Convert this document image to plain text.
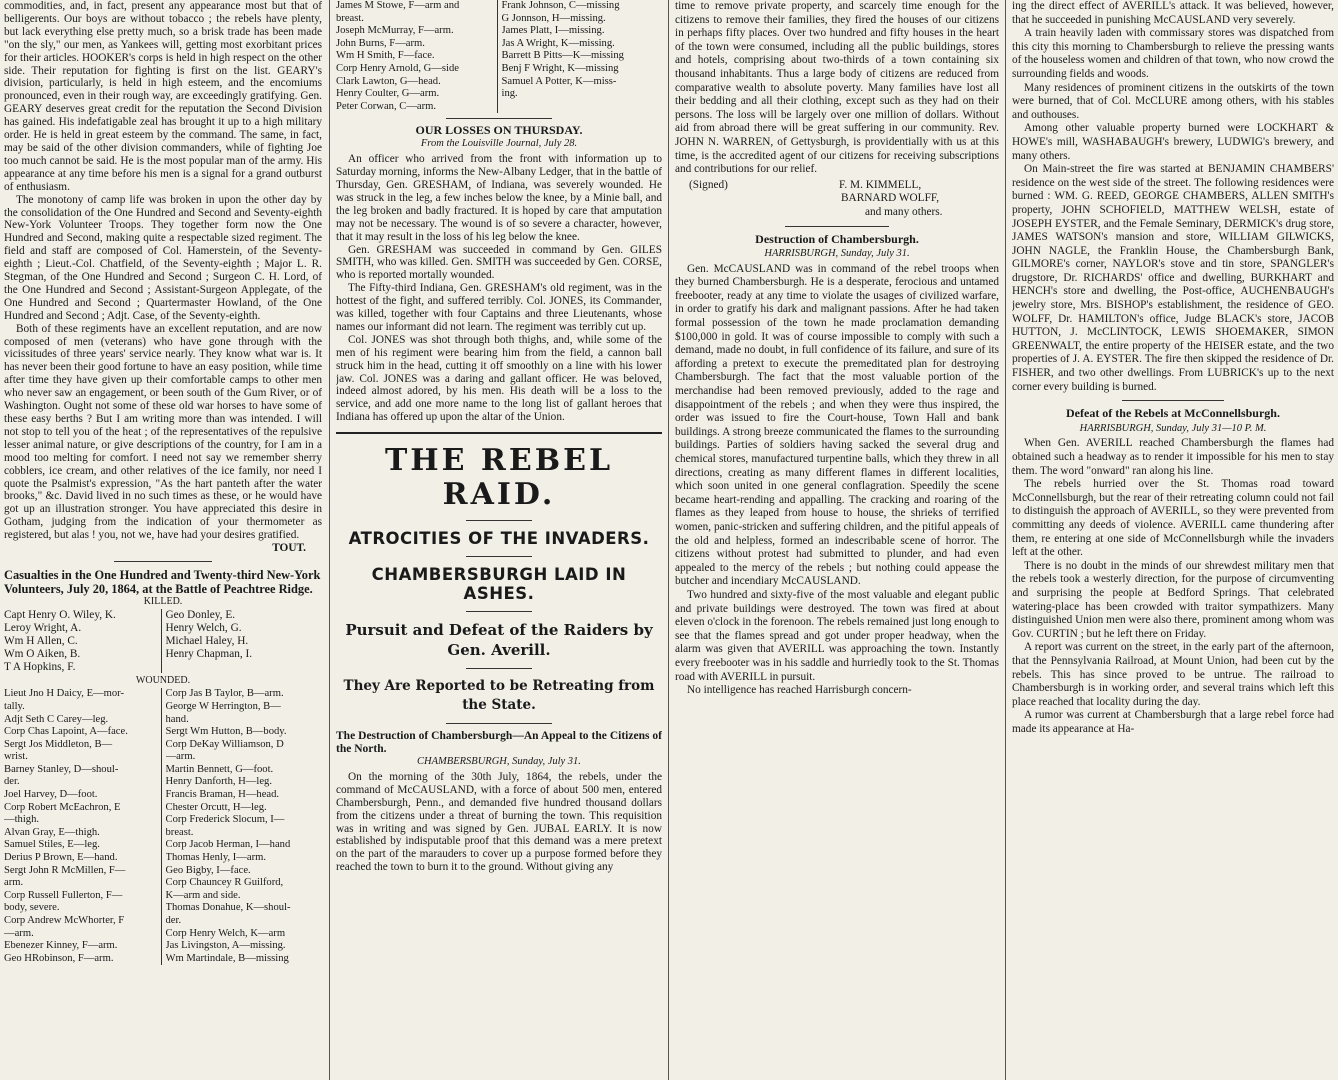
commodities, and, in fact, present any appearance most but that of belligerents. Our boys are without tobacco ; the rebels have plenty, but lack everything else pretty much, so a brisk trade has been made "on the sly," our men, as Yankees will, getting most exorbitant prices for their articles. HOOKER's corps is held in high respect on the other side. Their reputation for fighting is first on the list. GEARY's division, particularly, is held in high esteem, and the encomiums pronounced, even in their rough way, are exceedingly gratifying. Gen. GEARY deserves great credit for the reputation the Second Division has gained. His indefatigable zeal has brought it up to a high military order. He is held in great esteem by the command. The same, in fact, may be said of the other division commanders, while of fighting Joe too much cannot be said. He is the most popular man of the army. His appearance at any time before his men is a signal for a grand outburst of enthusiasm.

The monotony of camp life was broken in upon the other day by the consolidation of the One Hundred and Second and Seventy-eighth New-York Volunteer Troops. They together form now the One Hundred and Second, making quite a respectable sized regiment. The field and staff are composed of Col. Hamerstein, of the Seventy-eighth ; Lieut.-Col. Chatfield, of the Seventy-eighth ; Major L. R. Stegman, of the One Hundred and Second ; Surgeon C. H. Lord, of the One Hundred and Second ; Assistant-Surgeon Applegate, of the One Hundred and Second ; Quartermaster Howland, of the One Hundred and Second ; Adjt. Case, of the Seventy-eighth.

Both of these regiments have an excellent reputation, and are now composed of men (veterans) who have gone through with the vicissitudes of three years' service nearly. They know what war is. It has never been their good fortune to have an easy position, while time after time they have given up their comfortable camps to other men who never saw an engagement, or been south of the Gum River, or of Washington. Ought not some of these old war horses to have some of these easy berths ? But I am writing more than was intended. I will not stop to tell you of the heat ; of the representatives of the repulsive lesser animal nature, or give descriptions of the country, for I am in a mood too melting for comfort. I need not say we remember sherry cobblers, ice cream, and other relatives of the ice family, nor need I quote the Psalmist's expression, "As the hart panteth after the water brooks," &c. David lived in no such times as these, or he would have got up an illustration stronger. You have appreciated this desire in Gotham, judging from the indication of your thermometer as registered, but alas ! you, not we, have had your desires gratified.

TOUT.

Casualties in the One Hundred and Twenty-third New-York Volunteers, July 20, 1864, at the Battle of Peachtree Ridge.

KILLED.

Capt Henry O. Wiley, K.
Leroy Wright, A.
Wm H Allen, C.
Wm O Aiken, B.
T A Hopkins, F.
Geo Donley, E.
Henry Welch, G.
Michael Haley, H.
Henry Chapman, I.

WOUNDED.

Lieut Jno H Daicy, E—mor-
tally.
Adjt Seth C Carey—leg.
Corp Chas Lapoint, A—face.
Sergt Jos Middleton, B—
wrist.
Barney Stanley, D—shoul-
der.
Joel Harvey, D—foot.
Corp Robert McEachron, E
—thigh.
Alvan Gray, E—thigh.
Samuel Stiles, E—leg.
Derius P Brown, E—hand.
Sergt John R McMillen, F—
arm.
Corp Russell Fullerton, F—
body, severe.
Corp Andrew McWhorter, F
—arm.
Ebenezer Kinney, F—arm.
Geo HRobinson, F—arm.
Corp Jas B Taylor, B—arm.
George W Herrington, B—
hand.
Sergt Wm Hutton, B—body.
Corp DeKay Williamson, D
—arm.
Martin Bennett, G—foot.
Henry Danforth, H—leg.
Francis Braman, H—head.
Chester Orcutt, H—leg.
Corp Frederick Slocum, I—
breast.
Corp Jacob Herman, I—hand
Thomas Henly, I—arm.
Geo Bigby, I—face.
Corp Chauncey R Guilford,
K—arm and side.
Thomas Donahue, K—shoul-
der.
Corp Henry Welch, K—arm
Jas Livingston, A—missing.
Wm Martindale, B—missing
James M Stowe, F—arm and
breast.
Joseph McMurray, F—arm.
John Burns, F—arm.
Wm H Smith, F—face.
Corp Henry Arnold, G—side
Clark Lawton, G—head.
Henry Coulter, G—arm.
Peter Corwan, C—arm.
Frank Johnson, C—missing
G Jonnson, H—missing.
James Platt, I—missing.
Jas A Wright, K—missing.
Barrett B Pitts—K—missing
Benj F Wright, K—missing
Samuel A Potter, K—miss-
ing.

OUR LOSSES ON THURSDAY.

From the Louisville Journal, July 28.

An officer who arrived from the front with information up to Saturday morning, informs the New-Albany Ledger, that in the battle of Thursday, Gen. GRESHAM, of Indiana, was severely wounded. He was struck in the leg, a few inches below the knee, by a Minie ball, and the leg broken and badly fractured. It is hoped by care that amputation may not be necessary. The wound is of so severe a character, however, that it may result in the loss of his leg below the knee.

Gen. GRESHAM was succeeded in command by Gen. GILES SMITH, who was killed. Gen. SMITH was succeeded by Gen. CORSE, who is reported mortally wounded.

The Fifty-third Indiana, Gen. GRESHAM's old regiment, was in the hottest of the fight, and suffered terribly. Col. JONES, its Commander, was killed, together with four Captains and three Lieutenants, whose names our informant did not learn. The regiment was terribly cut up.

Col. JONES was shot through both thighs, and, while some of the men of his regiment were bearing him from the field, a cannon ball struck him in the head, cutting it off smoothly on a line with his lower jaw. Col. JONES was a daring and gallant officer. He was beloved, indeed almost adored, by his men. His death will be a loss to the service, and add one more name to the long list of gallant heroes that Indiana has offered up upon the altar of the Union.

THE REBEL RAID.
ATROCITIES OF THE INVADERS.
CHAMBERSBURGH LAID IN ASHES.
Pursuit and Defeat of the Raiders by Gen. Averill.
They Are Reported to be Retreating from the State.

The Destruction of Chambersburgh—An Appeal to the Citizens of the North.

CHAMBERSBURGH, Sunday, July 31.

On the morning of the 30th July, 1864, the rebels, under the command of McCAUSLAND, with a force of about 500 men, entered Chambersburgh, Penn., and demanded five hundred thousand dollars from the citizens under a threat of burning the town. This requisition was in writing and was signed by Gen. JUBAL EARLY. It is now established by indisputable proof that this demand was a mere pretext on the part of the marauders to cover up a purpose formed before they reached the town to burn it to the ground. Without giving any

time to remove private property, and scarcely time enough for the citizens to remove their families, they fired the houses of our citizens in perhaps fifty places. Over two hundred and fifty houses in the heart of the town were consumed, including all the public buildings, stores and hotels, comprising about two-thirds of a town containing six thousand inhabitants. Thus a large body of citizens are reduced from comparative wealth to absolute poverty. Many families have lost all their bedding and all their clothing, except such as they had on their persons. The loss will be largely over one million of dollars. Without aid from abroad there will be great suffering in our community. Rev. JOHN N. WARREN, of Gettysburgh, is providentially with us at this time, is the accredited agent of our citizens for receiving subscriptions and contributions for our relief.

(Signed)	F. M. KIMMELL,
BARNARD WOLFF,
and many others.

Destruction of Chambersburgh.

HARRISBURGH, Sunday, July 31.

Gen. McCAUSLAND was in command of the rebel troops when they burned Chambersburgh. He is a desperate, ferocious and untamed freebooter, ready at any time to violate the usages of civilized warfare, in order to gratify his dark and malignant passions. After he had taken formal possession of the town he made proclamation demanding $100,000 in gold. It was of course impossible to comply with such a demand, made no doubt, in full confidence of its failure, and sure of its affording a pretext to execute the premeditated plan for destroying Chambersburgh. The fact that the most valuable portion of the merchandise had been removed previously, added to the rage and disappointment of the rebels ; and when they were thus inspired, the order was issued to fire the Court-house, Town Hall and bank buildings. A strong breeze communicated the flames to the surrounding buildings. Parties of soldiers having sacked the several drug and chemical stores, manufactured turpentine balls, which they threw in all directions, creating as many different flames in different localities, which soon united in one general conflagration. Speedily the scene became heart-rending and appalling. The cracking and roaring of the flames as they leaped from house to house, the shrieks of terrified women, panic-stricken and suffering children, and the pitiful appeals of the old and helpless, formed an indescribable scene of horror. The citizens without protest had submitted to plunder, and had even appealed to the mercy of the rebels ; but nothing could appease the butcher and incendiary McCAUSLAND.

Two hundred and sixty-five of the most valuable and elegant public and private buildings were destroyed. The town was fired at about eleven o'clock in the forenoon. The rebels remained just long enough to see that the flames spread and got under proper headway, when the alarm was given that AVERILL was approaching the town. Instantly every freebooter was in his saddle and hurriedly took to the St. Thomas road with AVERILL in pursuit.

No intelligence has reached Harrisburgh concern-

ing the direct effect of AVERILL's attack. It was believed, however, that he succeeded in punishing McCAUSLAND very severely.

A train heavily laden with commissary stores was dispatched from this city this morning to Chambersburgh to relieve the pressing wants of the houseless women and children of that town, who now crowd the surrounding fields and woods.

Many residences of prominent citizens in the outskirts of the town were burned, that of Col. McCLURE among others, with his stables and outhouses.

Among other valuable property burned were LOCKHART & HOWE's mill, WASHABAUGH's brewery, LUDWIG's brewery, and many others.

On Main-street the fire was started at BENJAMIN CHAMBERS' residence on the west side of the street. The following residences were burned : WM. G. REED, GEORGE CHAMBERS, ALLEN SMITH's property, JOHN SCHOFIELD, MATTHEW WELSH, estate of JOSEPH EYSTER, and the Female Seminary, DERMICK's drug store, JAMES WATSON's mansion and store, WILLIAM GILWICKS, JOHN NAGLE, the Franklin House, the Chambersburgh Bank, GILMORE's corner, NAYLOR's stove and tin store, SPANGLER's drugstore, Dr. RICHARDS' office and dwelling, BURKHART and HENCH's store and dwelling, the Post-office, AUCHENBAUGH's jewelry store, Mrs. BISHOP's establishment, the residence of GEO. WOLFF, Dr. HAMILTON's office, Judge BLACK's store, JACOB HUTTON, J. McCLINTOCK, LEWIS SHOEMAKER, SIMON GREENWALT, the entire property of the HEISER estate, and the two properties of J. A. EYSTER. The fire then skipped the residence of Dr. FISHER, and two other dwellings. From LUBRICK's up to the next corner every building is burned.

Defeat of the Rebels at McConnellsburgh.

HARRISBURGH, Sunday, July 31—10 P. M.

When Gen. AVERILL reached Chambersburgh the flames had obtained such a headway as to render it impossible for his men to stay them. The word "onward" ran along his line.

The rebels hurried over the St. Thomas road toward McConnellsburgh, but the rear of their retreating column could not fail to distinguish the approach of AVERILL, so they were prevented from committing any deeds of violence. AVERILL came thundering after them, re entering at one side of McConnellsburgh while the invaders left at the other.

There is no doubt in the minds of our shrewdest military men that the rebels took a westerly direction, for the purpose of circumventing and surprising the people at Bedford Springs. That celebrated watering-place has been crowded with traitor sympathizers. Many distinguished Union men were also there, prominent among whom was Gov. CURTIN ; but he left there on Friday.

A report was current on the street, in the early part of the afternoon, that the Pennsylvania Railroad, at Mount Union, had been cut by the rebels. This has since proved to be untrue. The railroad to Chambersburgh is in working order, and several trains which left this place reached that locality during the day.

A rumor was current at Chambersburgh that a large rebel force had made its appearance at Ha-
